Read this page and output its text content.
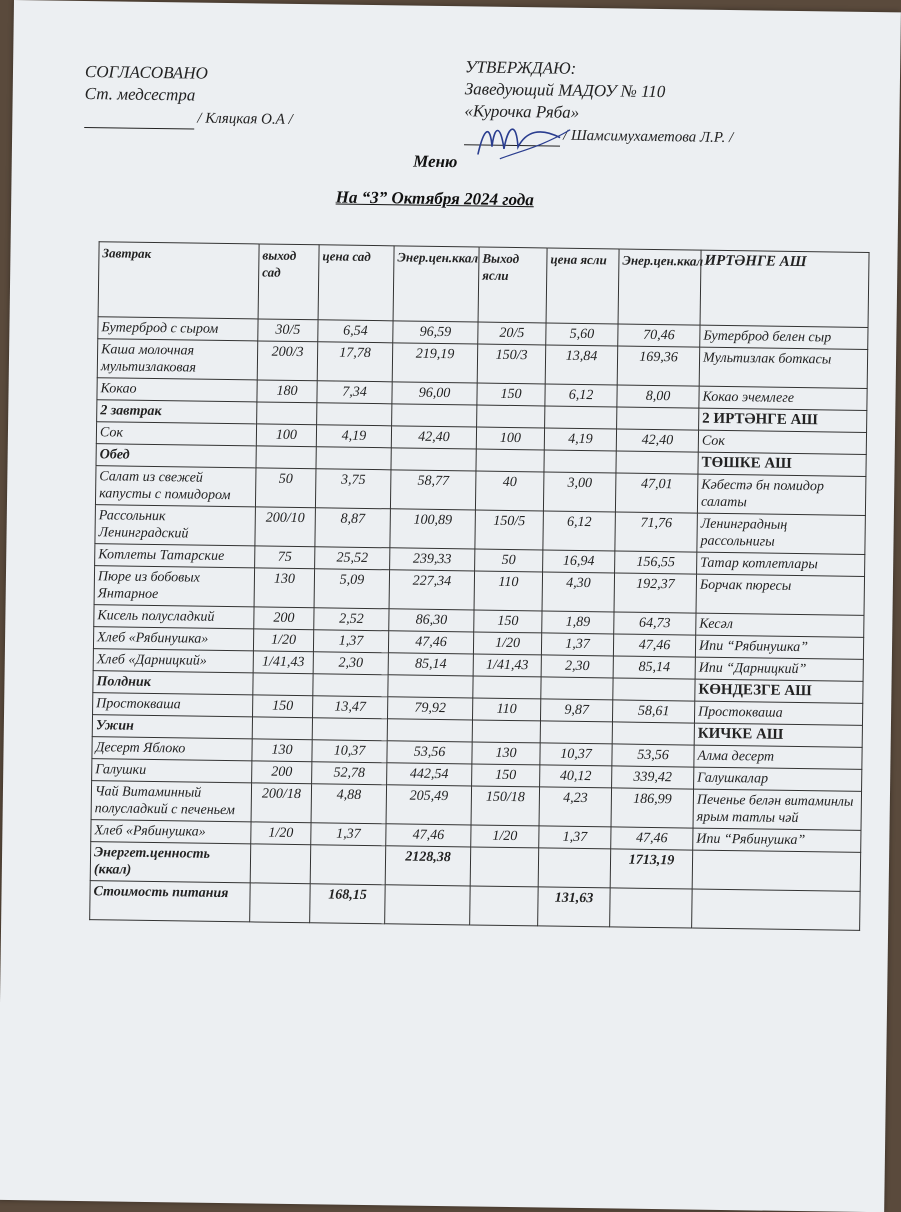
СОГЛАСОВАНО
Ст. медсестра
/ Кляцкая О.А /
УТВЕРЖДАЮ:
Заведующий МАДОУ № 110
«Курочка Ряба»
/ Шамсимухаметова Л.Р. /
Меню
На “3” Октября 2024 года
Завтрак	выход сад	цена сад	Энер.цен.ккал	Выход ясли	цена ясли	Энер.цен.ккал	ИРТӘНГЕ АШ
Бутерброд с сыром	30/5	6,54	96,59	20/5	5,60	70,46	Бутерброд белен сыр
Каша молочная мультизлаковая	200/3	17,78	219,19	150/3	13,84	169,36	Мультизлак боткасы
Кокао	180	7,34	96,00	150	6,12	8,00	Кокао эчемлеге
2 завтрак							2 ИРТӘНГЕ АШ
Сок	100	4,19	42,40	100	4,19	42,40	Сок
Обед							ТӨШКЕ АШ
Салат из свежей капусты с помидором	50	3,75	58,77	40	3,00	47,01	Кәбестә бн помидор салаты
Рассольник Ленинградский	200/10	8,87	100,89	150/5	6,12	71,76	Ленинградның рассольнигы
Котлеты Татарские	75	25,52	239,33	50	16,94	156,55	Татар котлетлары
Пюре из бобовых Янтарное	130	5,09	227,34	110	4,30	192,37	Борчак пюресы
Кисель полусладкий	200	2,52	86,30	150	1,89	64,73	Кесәл
Хлеб «Рябинушка»	1/20	1,37	47,46	1/20	1,37	47,46	Ипи “Рябинушка”
Хлеб «Дарницкий»	1/41,43	2,30	85,14	1/41,43	2,30	85,14	Ипи “Дарницкий”
Полдник							КӨНДЕЗГЕ АШ
Простокваша	150	13,47	79,92	110	9,87	58,61	Простокваша
Ужин							КИЧКЕ АШ
Десерт Яблоко	130	10,37	53,56	130	10,37	53,56	Алма десерт
Галушки	200	52,78	442,54	150	40,12	339,42	Галушкалар
Чай Витаминный полусладкий с печеньем	200/18	4,88	205,49	150/18	4,23	186,99	Печенье белән витаминлы ярым татлы чәй
Хлеб «Рябинушка»	1/20	1,37	47,46	1/20	1,37	47,46	Ипи “Рябинушка”
Энергет.ценность (ккал)			2128,38			1713,19	
Стоимость питания		168,15			131,63		
